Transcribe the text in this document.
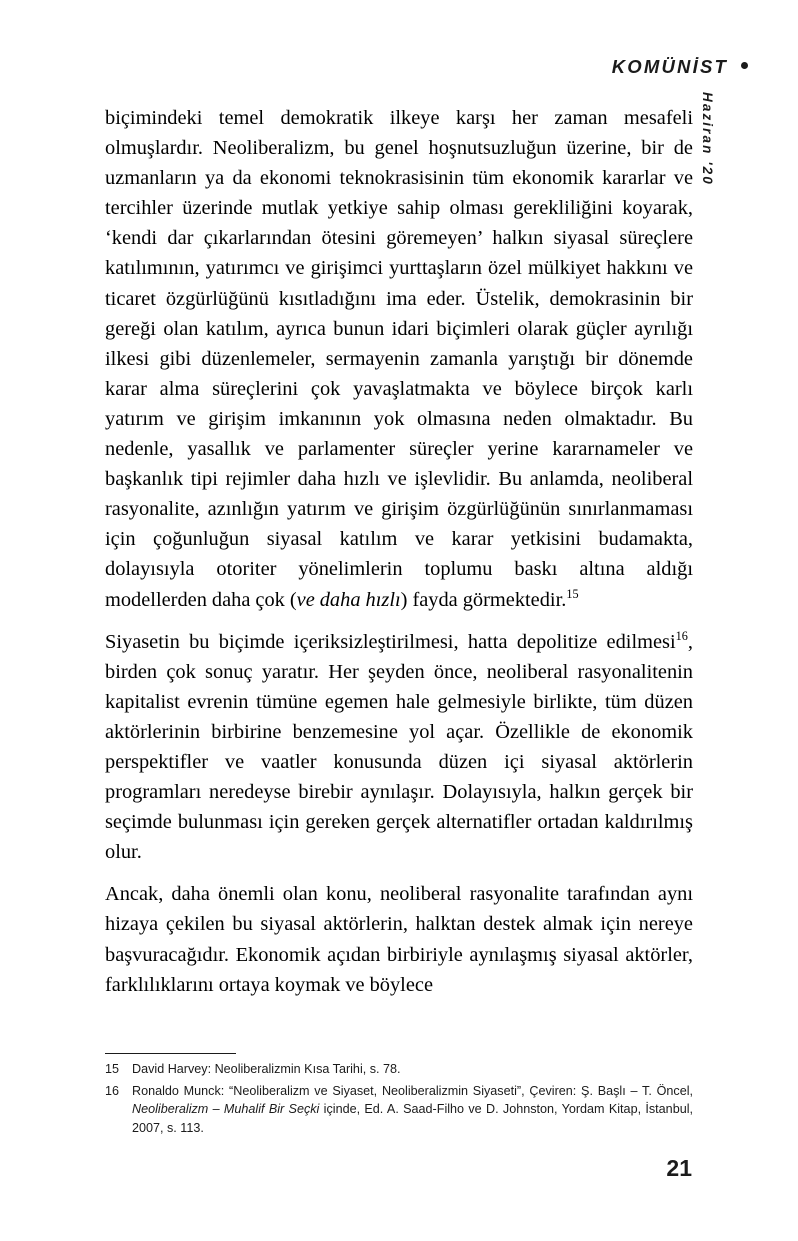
KOMÜNİST
Haziran '20

biçimindeki temel demokratik ilkeye karşı her zaman mesafeli olmuşlardır. Neoliberalizm, bu genel hoşnutsuzluğun üzerine, bir de uzmanların ya da ekonomi teknokrasisinin tüm ekonomik kararlar ve tercihler üzerinde mutlak yetkiye sahip olması gerekliliğini koyarak, ‘kendi dar çıkarlarından ötesini göremeyen’ halkın siyasal süreçlere katılımının, yatırımcı ve girişimci yurttaşların özel mülkiyet hakkını ve ticaret özgürlüğünü kısıtladığını ima eder. Üstelik, demokrasinin bir gereği olan katılım, ayrıca bunun idari biçimleri olarak güçler ayrılığı ilkesi gibi düzenlemeler, sermayenin zamanla yarıştığı bir dönemde karar alma süreçlerini çok yavaşlatmakta ve böylece birçok karlı yatırım ve girişim imkanının yok olmasına neden olmaktadır. Bu nedenle, yasallık ve parlamenter süreçler yerine kararnameler ve başkanlık tipi rejimler daha hızlı ve işlevlidir. Bu anlamda, neoliberal rasyonalite, azınlığın yatırım ve girişim özgürlüğünün sınırlanmaması için çoğunluğun siyasal katılım ve karar yetkisini budamakta, dolayısıyla otoriter yönelimlerin toplumu baskı altına aldığı modellerden daha çok (ve daha hızlı) fayda görmektedir.$^{15}$

Siyasetin bu biçimde içeriksizleştirilmesi, hatta depolitize edilmesi$^{16}$, birden çok sonuç yaratır. Her şeyden önce, neoliberal rasyonalitenin kapitalist evrenin tümüne egemen hale gelmesiyle birlikte, tüm düzen aktörlerinin birbirine benzemesine yol açar. Özellikle de ekonomik perspektifler ve vaatler konusunda düzen içi siyasal aktörlerin programları neredeyse birebir aynılaşır. Dolayısıyla, halkın gerçek bir seçimde bulunması için gereken gerçek alternatifler ortadan kaldırılmış olur.

Ancak, daha önemli olan konu, neoliberal rasyonalite tarafından aynı hizaya çekilen bu siyasal aktörlerin, halktan destek almak için nereye başvuracağıdır. Ekonomik açıdan birbiriyle aynılaşmış siyasal aktörler, farklılıklarını ortaya koymak ve böylece

15	David Harvey: Neoliberalizmin Kısa Tarihi, s. 78.
16	Ronaldo Munck: “Neoliberalizm ve Siyaset, Neoliberalizmin Siyaseti”, Çeviren: Ş. Başlı – T. Öncel, Neoliberalizm – Muhalif Bir Seçki içinde, Ed. A. Saad-Filho ve D. Johnston, Yordam Kitap, İstanbul, 2007, s. 113.
21
